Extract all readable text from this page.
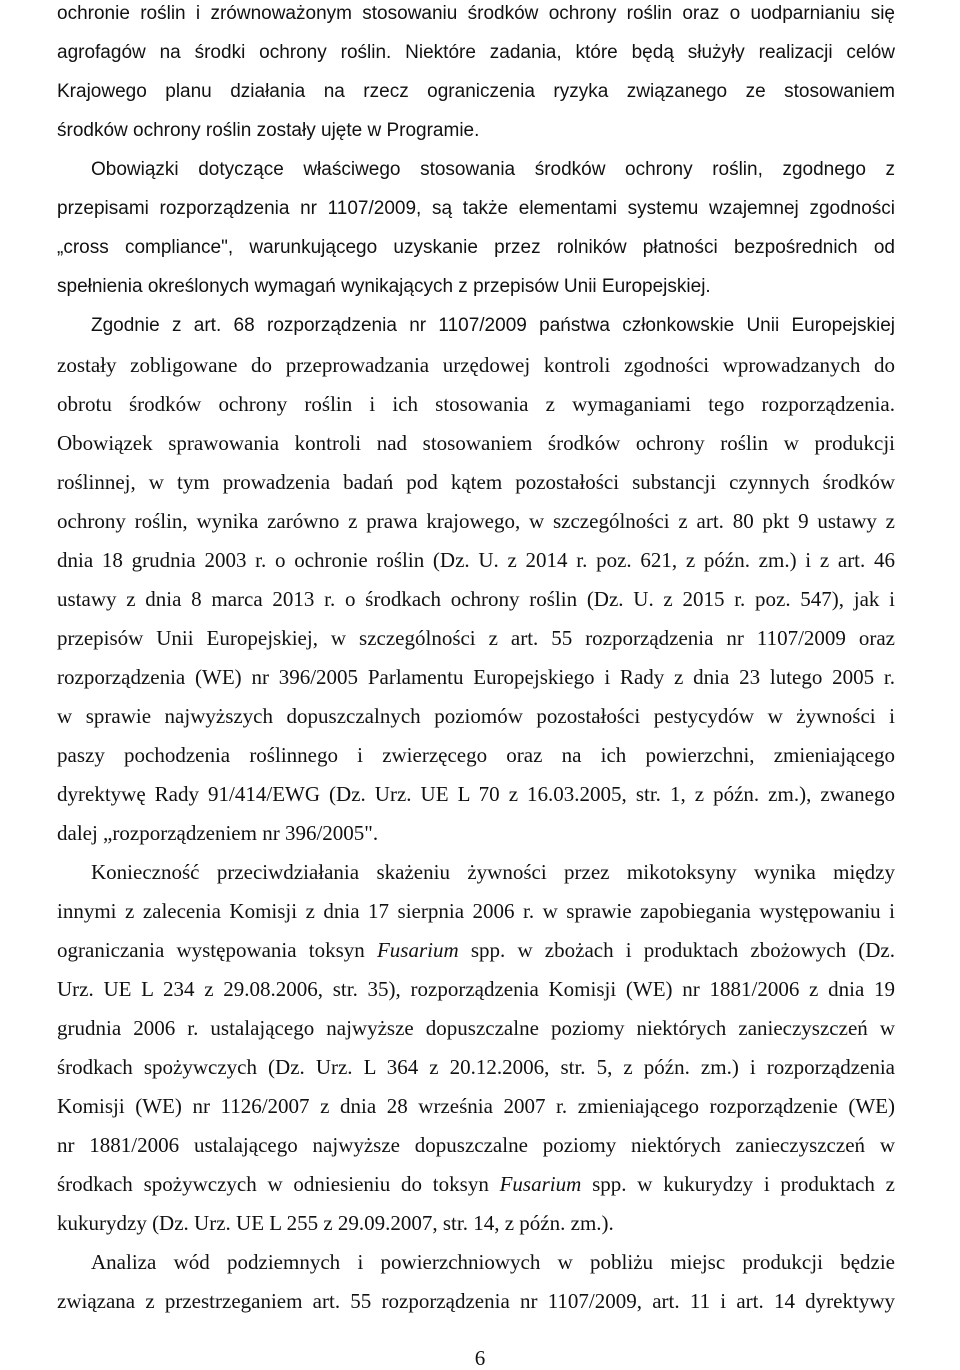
ochronie roślin i zrównoważonym stosowaniu środków ochrony roślin oraz o uodparnianiu się
agrofagów na środki ochrony roślin. Niektóre zadania, które będą służyły realizacji celów
Krajowego planu działania na rzecz ograniczenia ryzyka związanego ze stosowaniem
środków ochrony roślin zostały ujęte w Programie.
Obowiązki dotyczące właściwego stosowania środków ochrony roślin, zgodnego z
przepisami rozporządzenia nr 1107/2009, są także elementami systemu wzajemnej zgodności
„cross compliance", warunkującego uzyskanie przez rolników płatności bezpośrednich od
spełnienia określonych wymagań wynikających z przepisów Unii Europejskiej.
Zgodnie z art. 68 rozporządzenia nr 1107/2009 państwa członkowskie Unii Europejskiej
zostały zobligowane do przeprowadzania urzędowej kontroli zgodności wprowadzanych do
obrotu środków ochrony roślin i ich stosowania z wymaganiami tego rozporządzenia.
Obowiązek sprawowania kontroli nad stosowaniem środków ochrony roślin w produkcji
roślinnej, w tym prowadzenia badań pod kątem pozostałości substancji czynnych środków
ochrony roślin, wynika zarówno z prawa krajowego, w szczególności z art. 80 pkt 9 ustawy z
dnia 18 grudnia 2003 r. o ochronie roślin (Dz. U. z 2014 r. poz. 621, z późn. zm.) i z art. 46
ustawy z dnia 8 marca 2013 r. o środkach ochrony roślin (Dz. U. z 2015 r. poz. 547), jak i
przepisów Unii Europejskiej, w szczególności z art. 55 rozporządzenia nr 1107/2009 oraz
rozporządzenia (WE) nr 396/2005 Parlamentu Europejskiego i Rady z dnia 23 lutego 2005 r.
w sprawie najwyższych dopuszczalnych poziomów pozostałości pestycydów w żywności i
paszy pochodzenia roślinnego i zwierzęcego oraz na ich powierzchni, zmieniającego
dyrektywę Rady 91/414/EWG (Dz. Urz. UE L 70 z 16.03.2005, str. 1, z późn. zm.), zwanego
dalej „rozporządzeniem nr 396/2005".
Konieczność przeciwdziałania skażeniu żywności przez mikotoksyny wynika między
innymi z zalecenia Komisji z dnia 17 sierpnia 2006 r. w sprawie zapobiegania występowaniu i
ograniczania występowania toksyn Fusarium spp. w zbożach i produktach zbożowych (Dz.
Urz. UE L 234 z 29.08.2006, str. 35), rozporządzenia Komisji (WE) nr 1881/2006 z dnia 19
grudnia 2006 r. ustalającego najwyższe dopuszczalne poziomy niektórych zanieczyszczeń w
środkach spożywczych (Dz. Urz. L 364 z 20.12.2006, str. 5, z późn. zm.) i rozporządzenia
Komisji (WE) nr 1126/2007 z dnia 28 września 2007 r. zmieniającego rozporządzenie (WE)
nr 1881/2006 ustalającego najwyższe dopuszczalne poziomy niektórych zanieczyszczeń w
środkach spożywczych w odniesieniu do toksyn Fusarium spp. w kukurydzy i produktach z
kukurydzy (Dz. Urz. UE L 255 z 29.09.2007, str. 14, z późn. zm.).
Analiza wód podziemnych i powierzchniowych w pobliżu miejsc produkcji będzie
związana z przestrzeganiem art. 55 rozporządzenia nr 1107/2009, art. 11 i art. 14 dyrektywy
6
